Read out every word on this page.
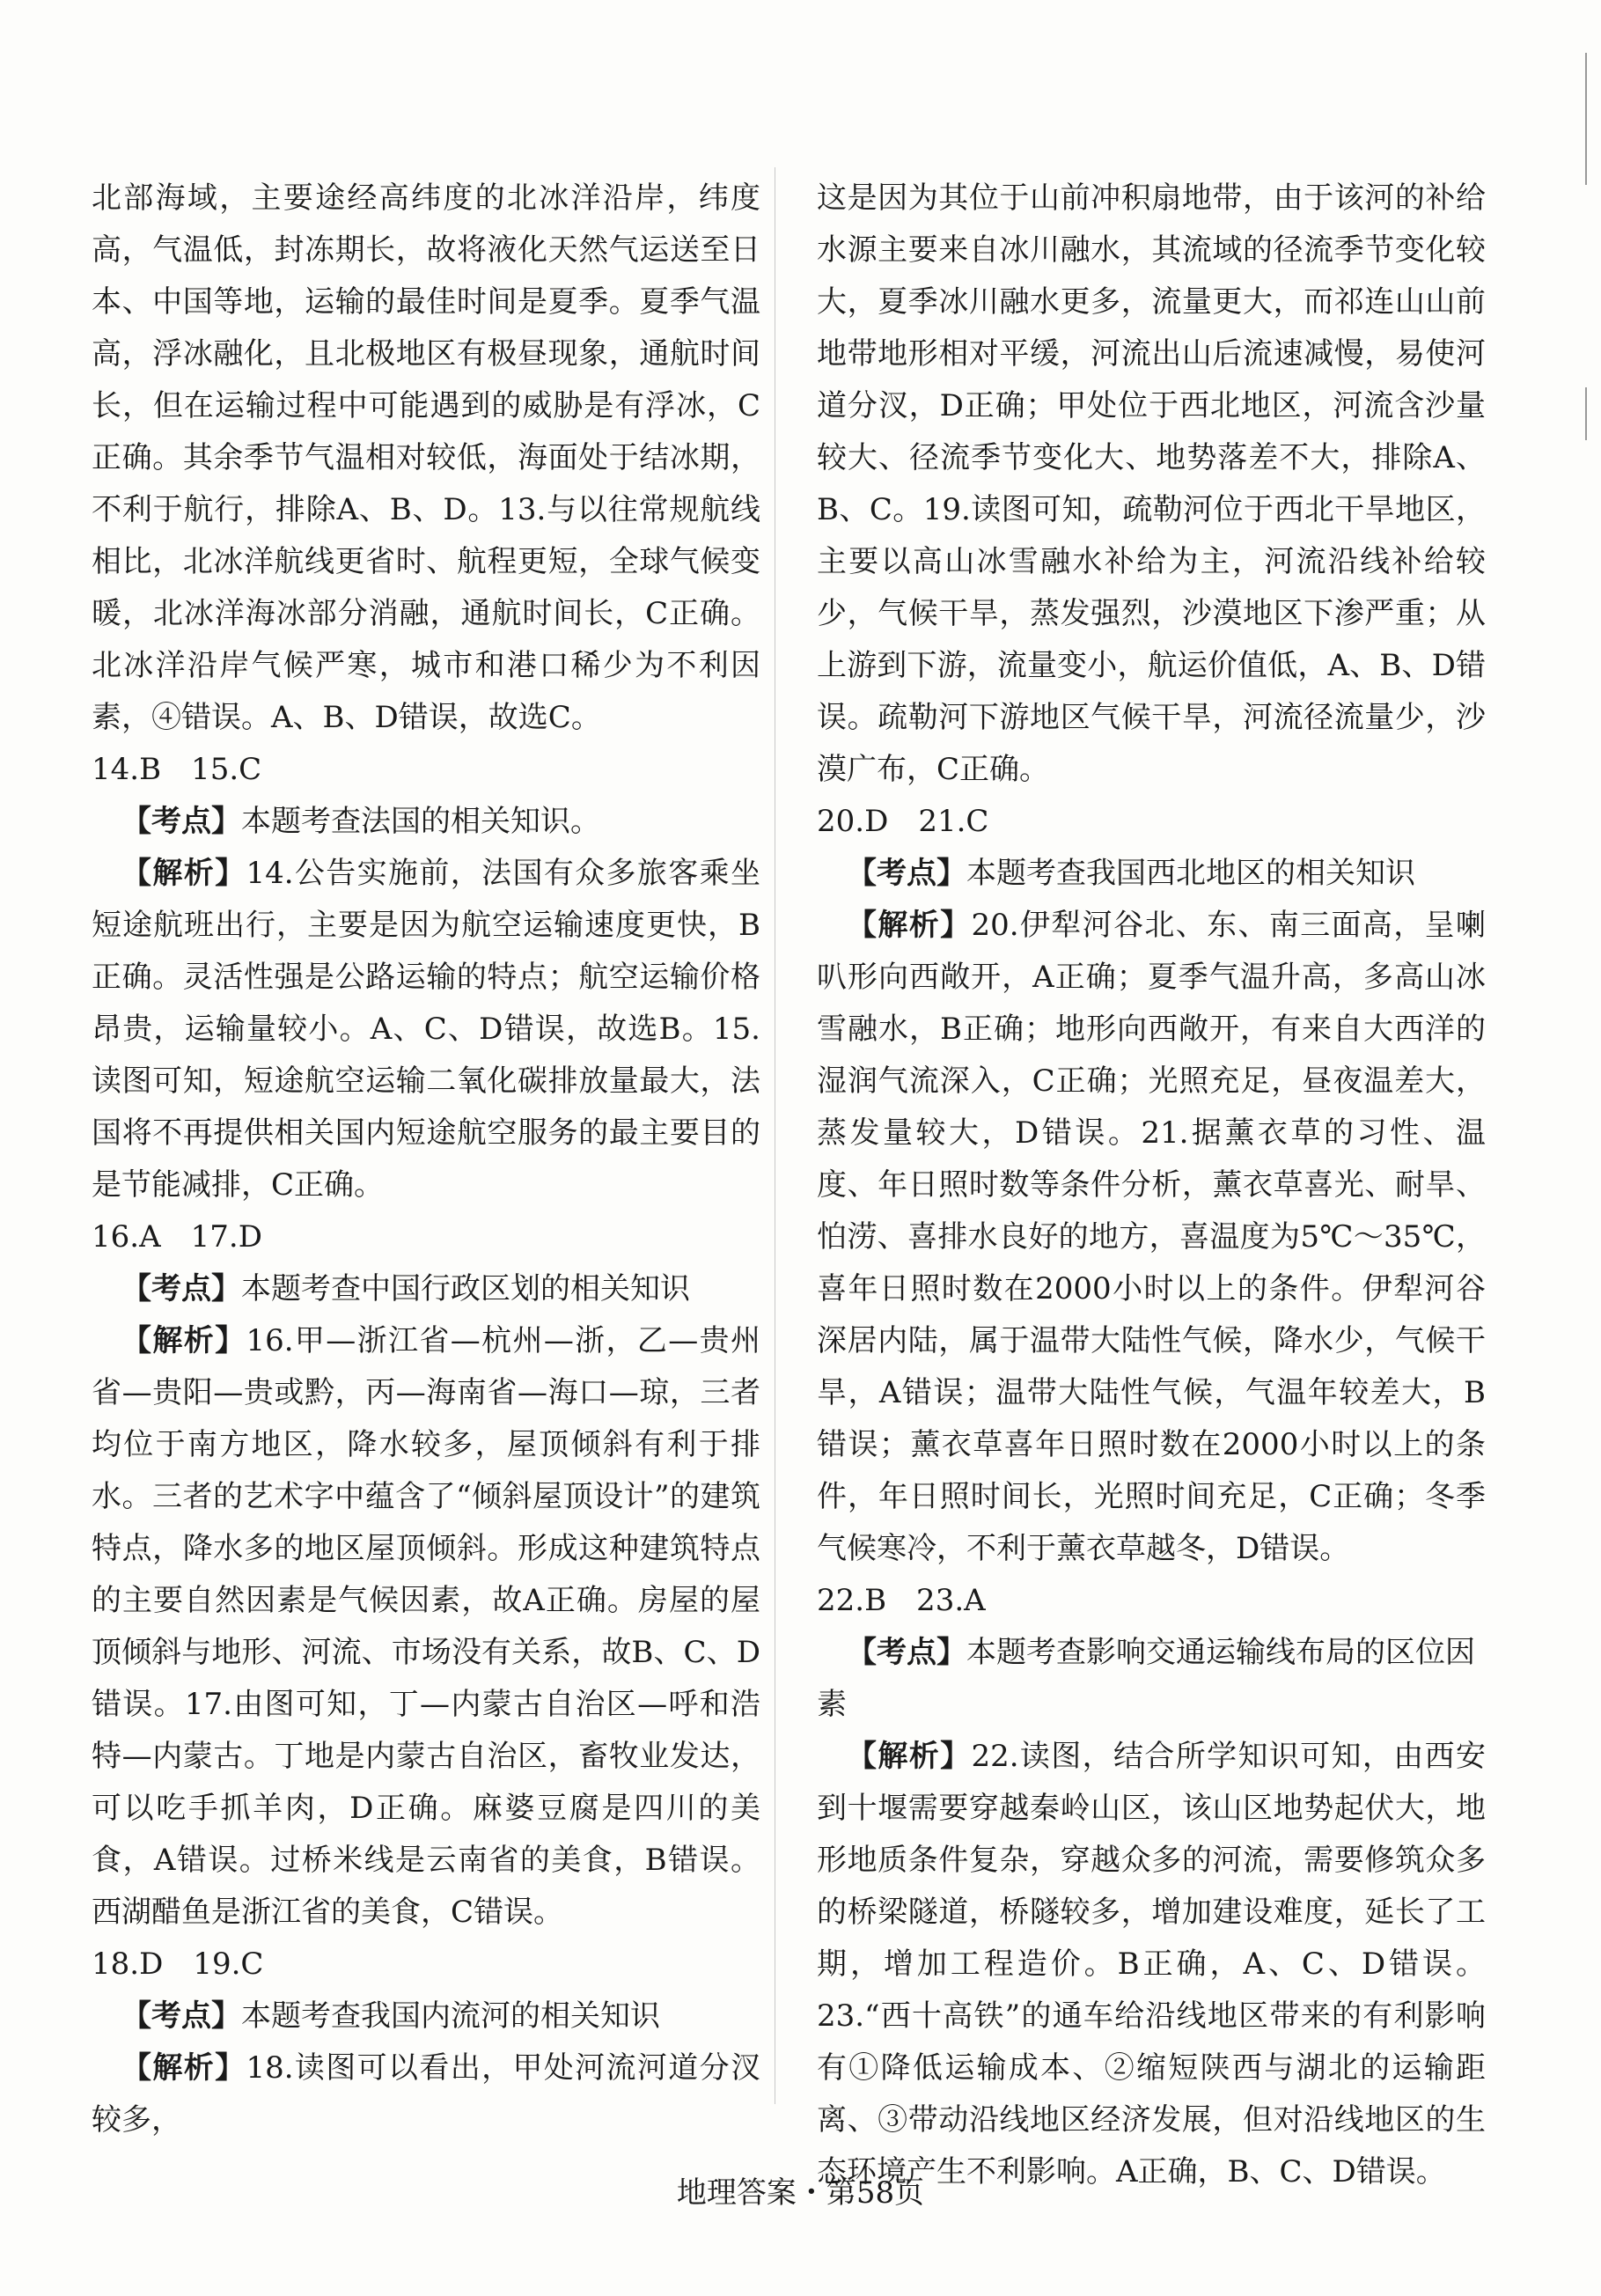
北部海域，主要途经高纬度的北冰洋沿岸，纬度高，气温低，封冻期长，故将液化天然气运送至日本、中国等地，运输的最佳时间是夏季。夏季气温高，浮冰融化，且北极地区有极昼现象，通航时间长，但在运输过程中可能遇到的威胁是有浮冰，C正确。其余季节气温相对较低，海面处于结冰期，不利于航行，排除A、B、D。13.与以往常规航线相比，北冰洋航线更省时、航程更短，全球气候变暖，北冰洋海冰部分消融，通航时间长，C正确。北冰洋沿岸气候严寒，城市和港口稀少为不利因素，④错误。A、B、D错误，故选C。

14.B　15.C

【考点】本题考查法国的相关知识。

【解析】14.公告实施前，法国有众多旅客乘坐短途航班出行，主要是因为航空运输速度更快，B正确。灵活性强是公路运输的特点；航空运输价格昂贵，运输量较小。A、C、D错误，故选B。15.读图可知，短途航空运输二氧化碳排放量最大，法国将不再提供相关国内短途航空服务的最主要目的是节能减排，C正确。

16.A　17.D

【考点】本题考查中国行政区划的相关知识

【解析】16.甲—浙江省—杭州—浙，乙—贵州省—贵阳—贵或黔，丙—海南省—海口—琼，三者均位于南方地区，降水较多，屋顶倾斜有利于排水。三者的艺术字中蕴含了“倾斜屋顶设计”的建筑特点，降水多的地区屋顶倾斜。形成这种建筑特点的主要自然因素是气候因素，故A正确。房屋的屋顶倾斜与地形、河流、市场没有关系，故B、C、D错误。17.由图可知，丁—内蒙古自治区—呼和浩特—内蒙古。丁地是内蒙古自治区，畜牧业发达，可以吃手抓羊肉，D正确。麻婆豆腐是四川的美食，A错误。过桥米线是云南省的美食，B错误。西湖醋鱼是浙江省的美食，C错误。

18.D　19.C

【考点】本题考查我国内流河的相关知识

【解析】18.读图可以看出，甲处河流河道分汊较多，

这是因为其位于山前冲积扇地带，由于该河的补给水源主要来自冰川融水，其流域的径流季节变化较大，夏季冰川融水更多，流量更大，而祁连山山前地带地形相对平缓，河流出山后流速减慢，易使河道分汊，D正确；甲处位于西北地区，河流含沙量较大、径流季节变化大、地势落差不大，排除A、B、C。19.读图可知，疏勒河位于西北干旱地区，主要以高山冰雪融水补给为主，河流沿线补给较少，气候干旱，蒸发强烈，沙漠地区下渗严重；从上游到下游，流量变小，航运价值低，A、B、D错误。疏勒河下游地区气候干旱，河流径流量少，沙漠广布，C正确。

20.D　21.C

【考点】本题考查我国西北地区的相关知识

【解析】20.伊犁河谷北、东、南三面高，呈喇叭形向西敞开，A正确；夏季气温升高，多高山冰雪融水，B正确；地形向西敞开，有来自大西洋的湿润气流深入，C正确；光照充足，昼夜温差大，蒸发量较大，D错误。21.据薰衣草的习性、温度、年日照时数等条件分析，薰衣草喜光、耐旱、怕涝、喜排水良好的地方，喜温度为5℃～35℃，喜年日照时数在2000小时以上的条件。伊犁河谷深居内陆，属于温带大陆性气候，降水少，气候干旱，A错误；温带大陆性气候，气温年较差大，B错误；薰衣草喜年日照时数在2000小时以上的条件，年日照时间长，光照时间充足，C正确；冬季气候寒冷，不利于薰衣草越冬，D错误。

22.B　23.A

【考点】本题考查影响交通运输线布局的区位因素

【解析】22.读图，结合所学知识可知，由西安到十堰需要穿越秦岭山区，该山区地势起伏大，地形地质条件复杂，穿越众多的河流，需要修筑众多的桥梁隧道，桥隧较多，增加建设难度，延长了工期，增加工程造价。B正确，A、C、D错误。23.“西十高铁”的通车给沿线地区带来的有利影响有①降低运输成本、②缩短陕西与湖北的运输距离、③带动沿线地区经济发展，但对沿线地区的生态环境产生不利影响。A正确，B、C、D错误。

地理答案・第58页
